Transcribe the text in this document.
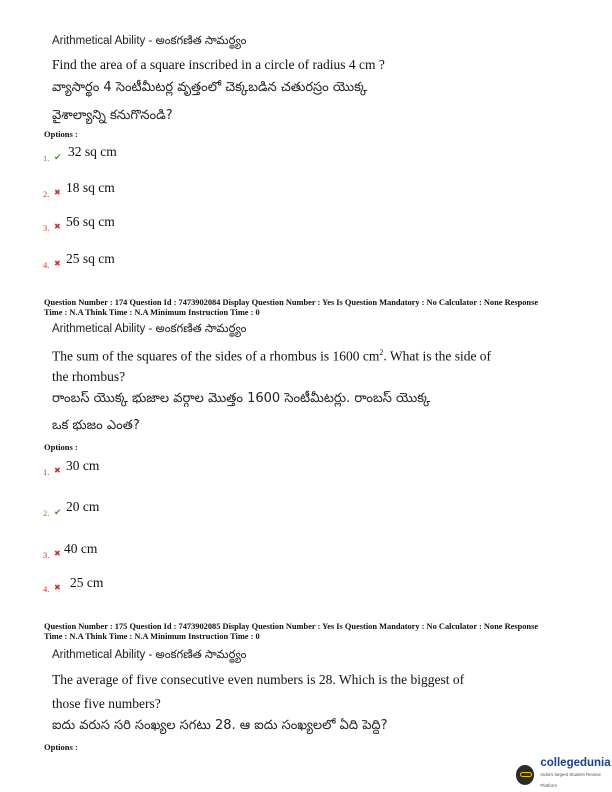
Arithmetical Ability - అంకగణిత సామర్థ్యం
Find the area of a square inscribed in a circle of radius 4 cm ?
వ్యాసార్థం 4 సెంటీమీటర్ల వృత్తంలో చెక్కబడిన చతురస్రం యొక్క
వైశాల్యాన్ని కనుగొనండి?
Options :
1. ✔ 32 sq cm
2. ✖ 18 sq cm
3. ✖ 56 sq cm
4. ✖ 25 sq cm
Question Number : 174 Question Id : 7473902084 Display Question Number : Yes Is Question Mandatory : No Calculator : None Response
Time : N.A Think Time : N.A Minimum Instruction Time : 0
Arithmetical Ability - అంకగణిత సామర్థ్యం
The sum of the squares of the sides of a rhombus is 1600 $cm^2$. What is the side of
the rhombus?
రాంబస్ యొక్క భుజాల వర్గాల మొత్తం 1600 సెంటీమీటర్లు. రాంబస్ యొక్క
ఒక భుజం ఎంత?
Options :
1. ✖ 30 cm
2. ✔ 20 cm
3. ✖ 40 cm
4. ✖ 25 cm
Question Number : 175 Question Id : 7473902085 Display Question Number : Yes Is Question Mandatory : No Calculator : None Response
Time : N.A Think Time : N.A Minimum Instruction Time : 0
Arithmetical Ability - అంకగణిత సామర్థ్యం
The average of five consecutive even numbers is 28. Which is the biggest of
those five numbers?
ఐదు వరుస సరి సంఖ్యల సగటు 28. ఆ ఐదు సంఖ్యలలో ఏది పెద్ది?
Options :
collegedunia
India's largest Student Review Platform
